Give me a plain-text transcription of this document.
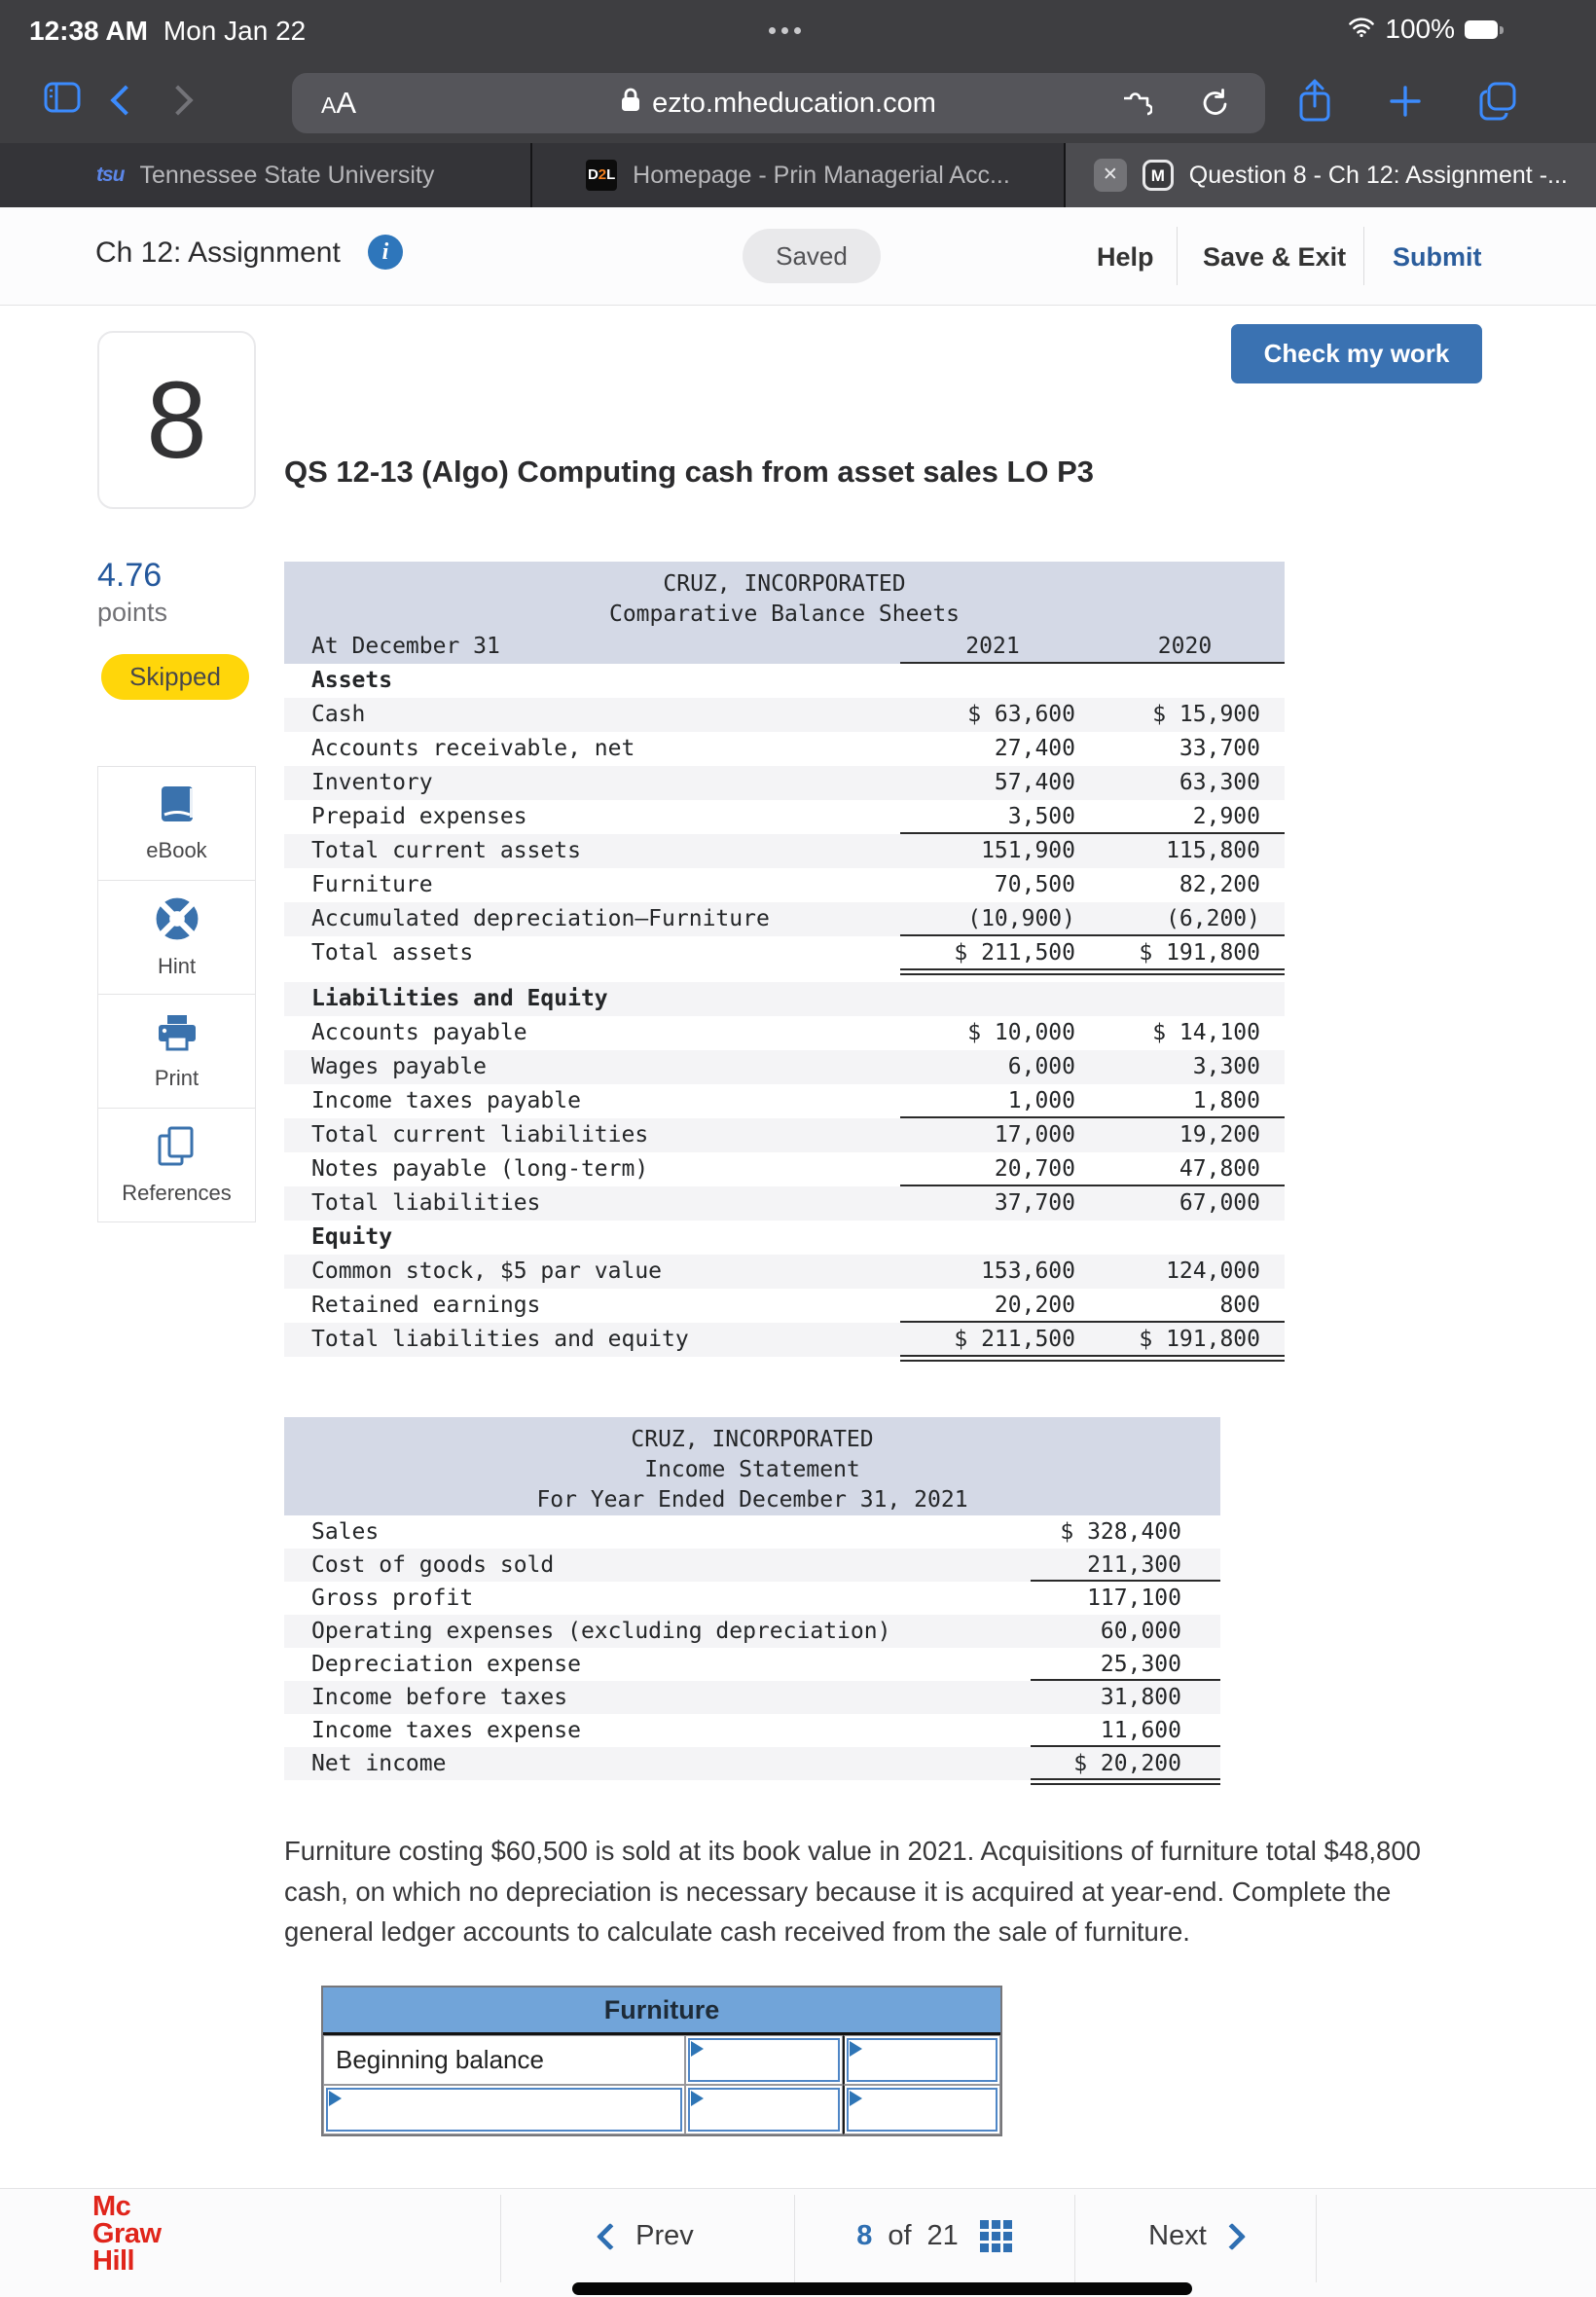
12:38 AM Mon Jan 22	100%
AA	ezto.mheducation.com
tsu Tennessee State University	D2L Homepage - Prin Managerial Acc...	✕	M Question 8 - Ch 12: Assignment -...
Ch 12: Assignment	i	Saved	Help Save & Exit Submit
Check my work
8
4.76
points
Skipped
eBook
Hint
Print
References
QS 12-13 (Algo) Computing cash from asset sales LO P3
CRUZ, INCORPORATED
Comparative Balance Sheets
At December 31	2021	2020
Assets
Cash	$ 63,600	$ 15,900
Accounts receivable, net	27,400	33,700
Inventory	57,400	63,300
Prepaid expenses	3,500	2,900
Total current assets	151,900	115,800
Furniture	70,500	82,200
Accumulated depreciation—Furniture	(10,900)	(6,200)
Total assets	$ 211,500	$ 191,800
Liabilities and Equity
Accounts payable	$ 10,000	$ 14,100
Wages payable	6,000	3,300
Income taxes payable	1,000	1,800
Total current liabilities	17,000	19,200
Notes payable (long-term)	20,700	47,800
Total liabilities	37,700	67,000
Equity
Common stock, $5 par value	153,600	124,000
Retained earnings	20,200	800
Total liabilities and equity	$ 211,500	$ 191,800
CRUZ, INCORPORATED
Income Statement
For Year Ended December 31, 2021
Sales	$ 328,400
Cost of goods sold	211,300
Gross profit	117,100
Operating expenses (excluding depreciation)	60,000
Depreciation expense	25,300
Income before taxes	31,800
Income taxes expense	11,600
Net income	$ 20,200

Furniture costing $60,500 is sold at its book value in 2021. Acquisitions of furniture total $48,800 cash, on which no depreciation is necessary because it is acquired at year-end. Complete the general ledger accounts to calculate cash received from the sale of furniture.

Furniture
Beginning balance
Mc
Graw
Hill
Prev	8 of 21	Next
